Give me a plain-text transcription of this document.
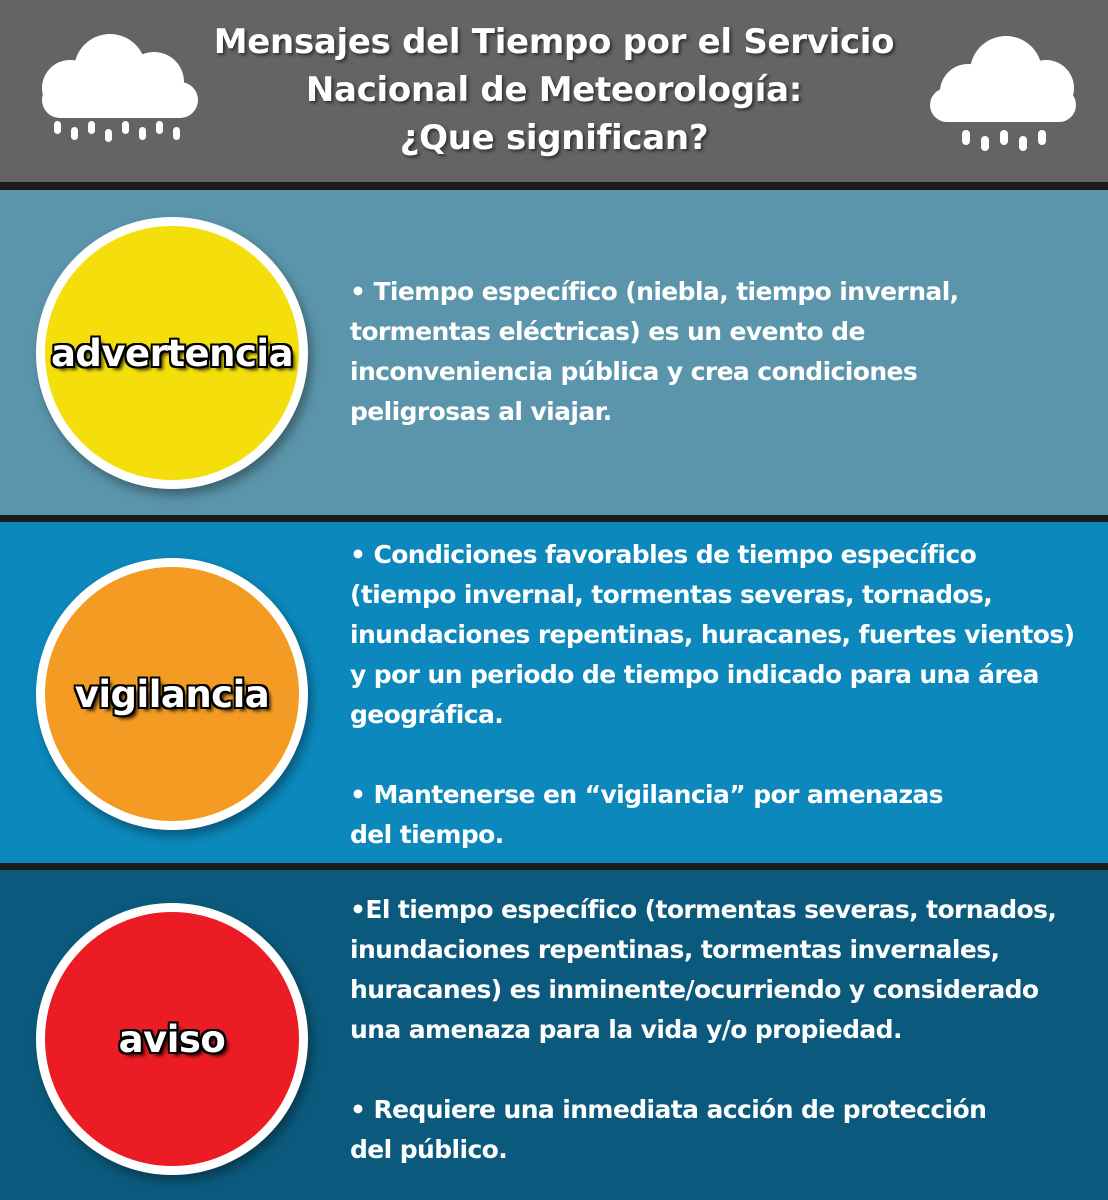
Mensajes del Tiempo por el Servicio
Nacional de Meteorología:
¿Que significan?
advertencia
• Tiempo específico (niebla, tiempo invernal,
tormentas eléctricas) es un evento de
inconveniencia pública y crea condiciones
peligrosas al viajar.
vigilancia
• Condiciones favorables de tiempo específico
(tiempo invernal, tormentas severas, tornados,
inundaciones repentinas, huracanes, fuertes vientos)
y por un periodo de tiempo indicado para una área
geográfica.
• Mantenerse en “vigilancia” por amenazas
del tiempo.
aviso
•El tiempo específico (tormentas severas, tornados,
inundaciones repentinas, tormentas invernales,
huracanes) es inminente/ocurriendo y considerado
una amenaza para la vida y/o propiedad.
• Requiere una inmediata acción de protección
del público.
